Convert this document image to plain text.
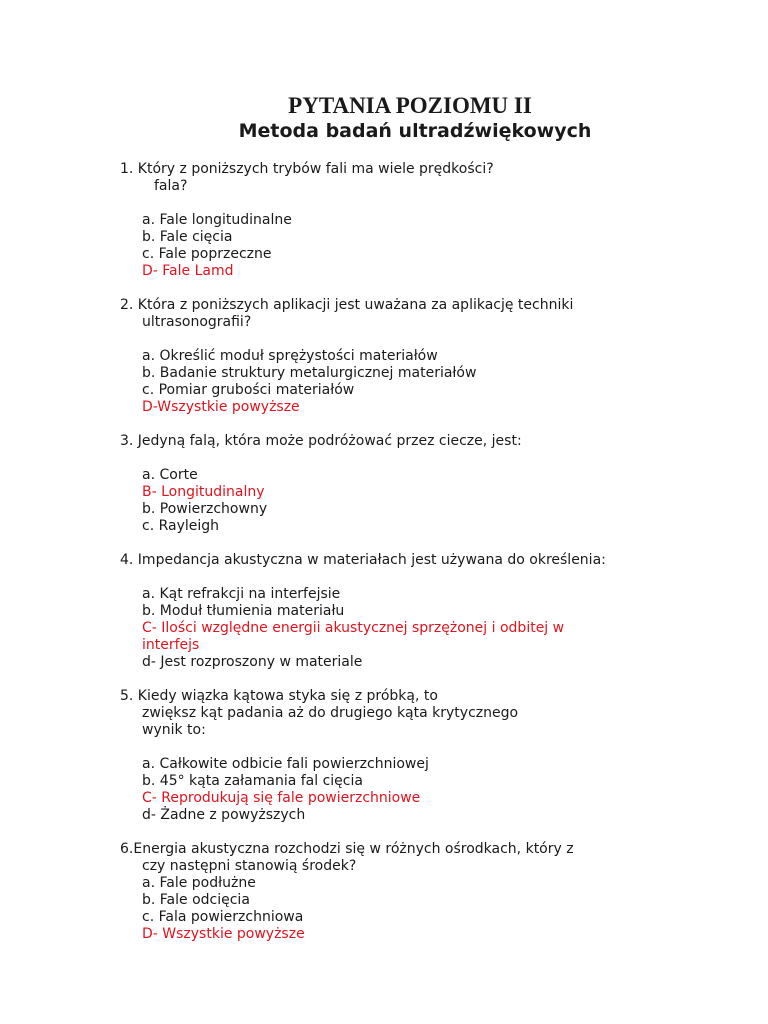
PYTANIA POZIOMU II
Metoda badań ultradźwiękowych

1. Który z poniższych trybów fali ma wiele prędkości?

fala?

a. Fale longitudinalne

b. Fale cięcia

c. Fale poprzeczne

D- Fale Lamd

2. Która z poniższych aplikacji jest uważana za aplikację techniki

ultrasonografii?

a. Określić moduł sprężystości materiałów

b. Badanie struktury metalurgicznej materiałów

c. Pomiar grubości materiałów

D-Wszystkie powyższe

3. Jedyną falą, która może podróżować przez ciecze, jest:

a. Corte

B- Longitudinalny

b. Powierzchowny

c. Rayleigh

4. Impedancja akustyczna w materiałach jest używana do określenia:

a. Kąt refrakcji na interfejsie

b. Moduł tłumienia materiału

C- Ilości względne energii akustycznej sprzężonej i odbitej w

interfejs

d- Jest rozproszony w materiale

5. Kiedy wiązka kątowa styka się z próbką, to

zwiększ kąt padania aż do drugiego kąta krytycznego

wynik to:

a. Całkowite odbicie fali powierzchniowej

b. 45° kąta załamania fal cięcia

C- Reprodukują się fale powierzchniowe

d- Żadne z powyższych

6.Energia akustyczna rozchodzi się w różnych ośrodkach, który z

czy następni stanowią środek?

a. Fale podłużne

b. Fale odcięcia

c. Fala powierzchniowa

D- Wszystkie powyższe
